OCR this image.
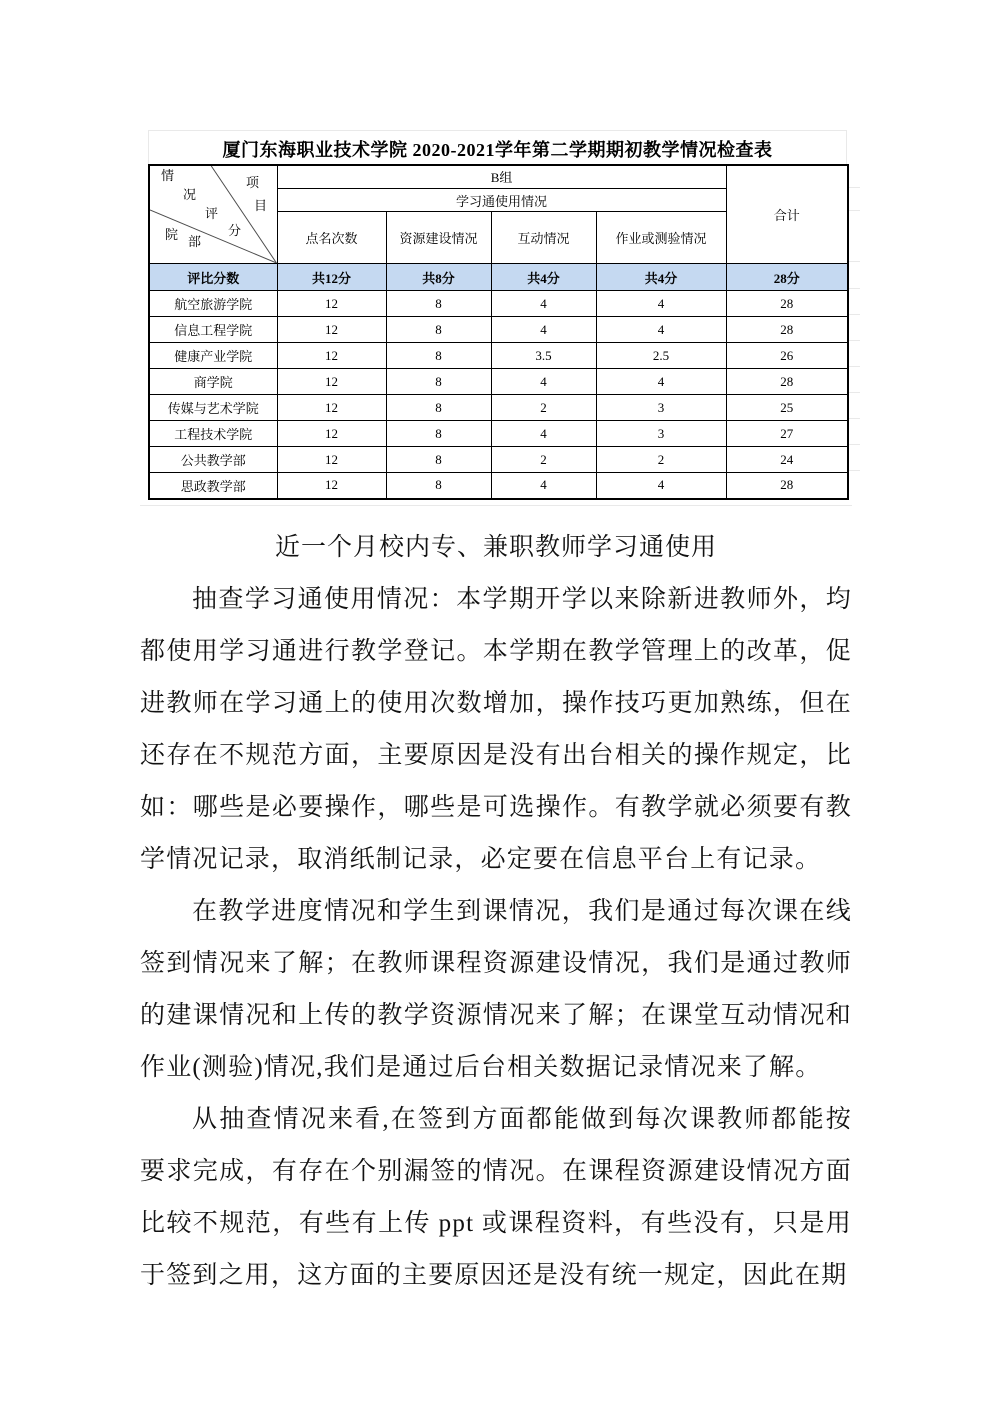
厦门东海职业技术学院 2020-2021学年第二学期期初教学情况检查表
情
况
评
分
项
目
院 部
	B组	合计
	学习通使用情况				
	点名次数	资源建设情况	互动情况	作业或测验情况	
评比分数	共12分	共8分	共4分	共4分	28分
航空旅游学院	12	8	4	4	28
信息工程学院	12	8	4	4	28
健康产业学院	12	8	3.5	2.5	26
商学院	12	8	4	4	28
传媒与艺术学院	12	8	2	3	25
工程技术学院	12	8	4	3	27
公共教学部	12	8	2	2	24
思政教学部	12	8	4	4	28
近一个月校内专、兼职教师学习通使用

抽查学习通使用情况：本学期开学以来除新进教师外，均都使用学习通进行教学登记。本学期在教学管理上的改革，促进教师在学习通上的使用次数增加，操作技巧更加熟练，但在还存在不规范方面，主要原因是没有出台相关的操作规定，比如：哪些是必要操作，哪些是可选操作。有教学就必须要有教学情况记录，取消纸制记录，必定要在信息平台上有记录。

在教学进度情况和学生到课情况，我们是通过每次课在线签到情况来了解；在教师课程资源建设情况，我们是通过教师的建课情况和上传的教学资源情况来了解；在课堂互动情况和作业(测验)情况,我们是通过后台相关数据记录情况来了解。

从抽查情况来看,在签到方面都能做到每次课教师都能按要求完成，有存在个别漏签的情况。在课程资源建设情况方面比较不规范，有些有上传 ppt 或课程资料，有些没有，只是用于签到之用，这方面的主要原因还是没有统一规定，因此在期
